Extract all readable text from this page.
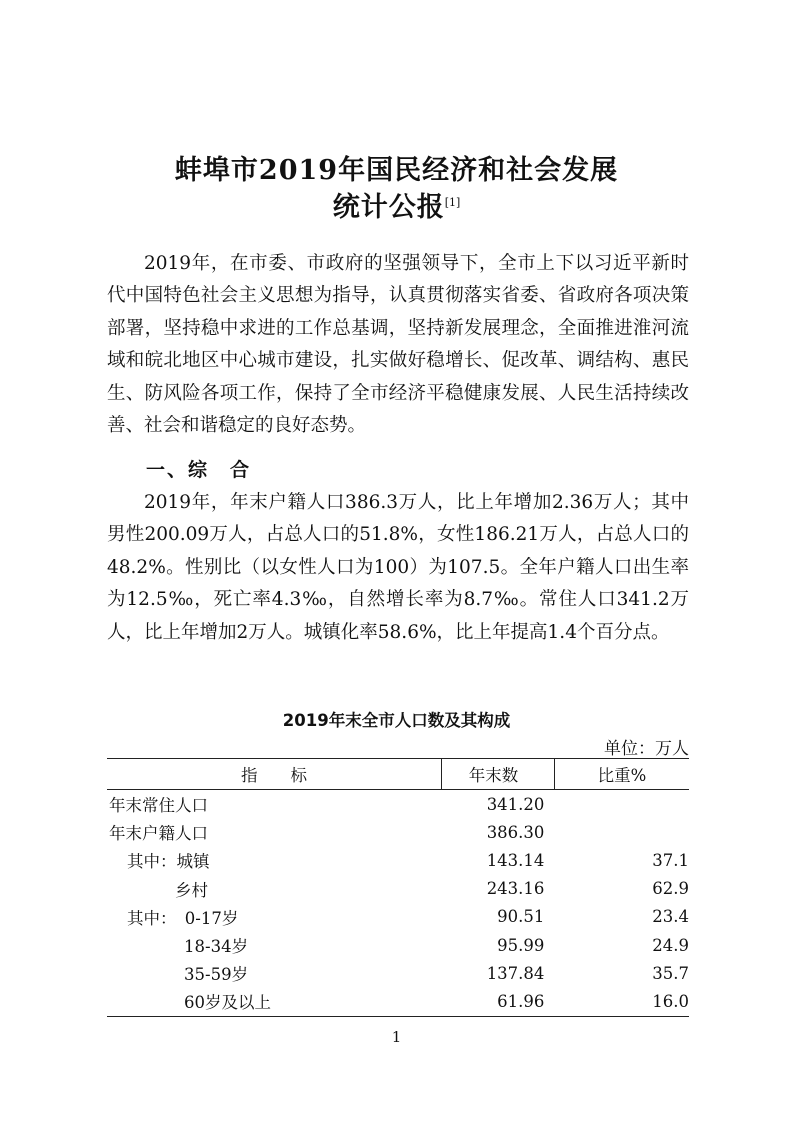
蚌埠市2019年国民经济和社会发展
统计公报[1]

2019年，在市委、市政府的坚强领导下，全市上下以习近平新时代中国特色社会主义思想为指导，认真贯彻落实省委、省政府各项决策部署，坚持稳中求进的工作总基调，坚持新发展理念，全面推进淮河流域和皖北地区中心城市建设，扎实做好稳增长、促改革、调结构、惠民生、防风险各项工作，保持了全市经济平稳健康发展、人民生活持续改善、社会和谐稳定的良好态势。

一、综　合

2019年，年末户籍人口386.3万人，比上年增加2.36万人；其中男性200.09万人，占总人口的51.8%，女性186.21万人，占总人口的48.2%。性别比（以女性人口为100）为107.5。全年户籍人口出生率为12.5‰，死亡率4.3‰，自然增长率为8.7‰。常住人口341.2万人，比上年增加2万人。城镇化率58.6%，比上年提高1.4个百分点。

2019年末全市人口数及其构成
单位：万人
指　　标	年末数	比重%
年末常住人口	341.20	
年末户籍人口	386.30	
其中：城镇	143.14	37.1
乡村	243.16	62.9
其中：　0-17岁	90.51	23.4
18-34岁	95.99	24.9
35-59岁	137.84	35.7
60岁及以上	61.96	16.0
1
